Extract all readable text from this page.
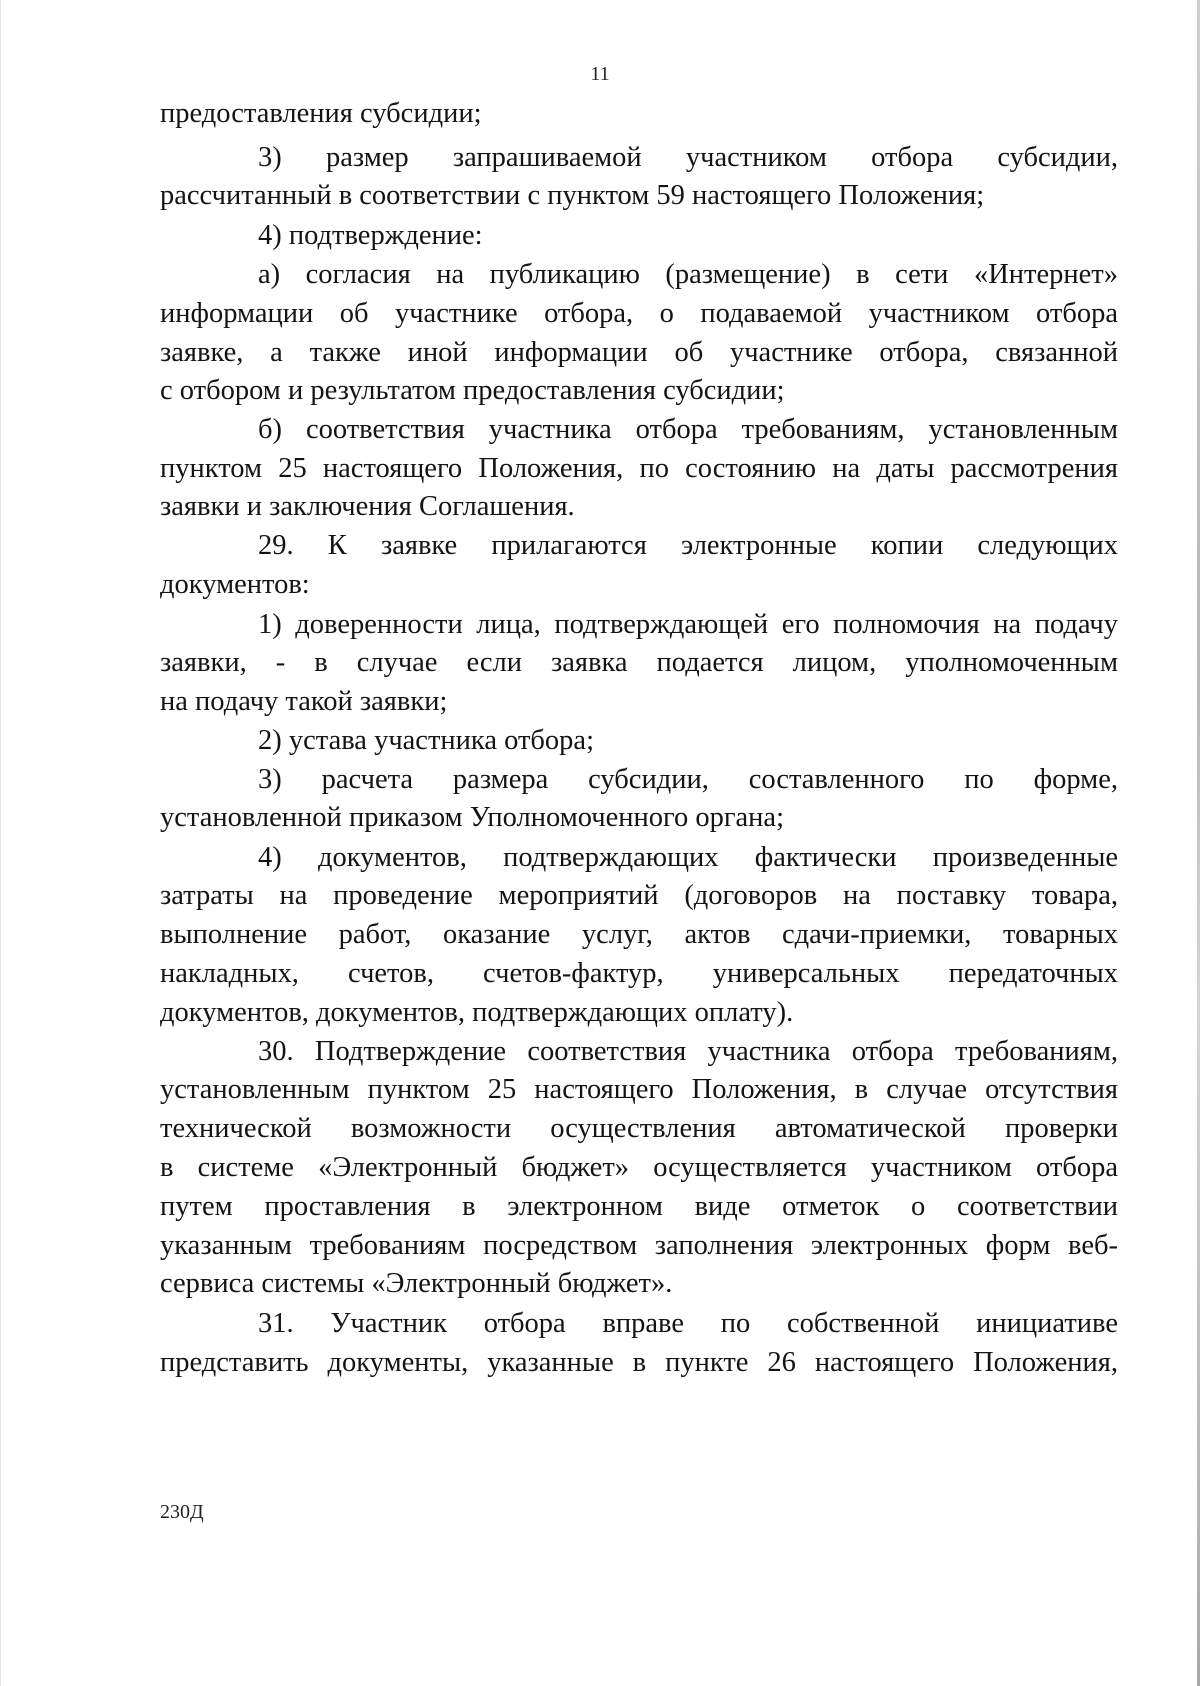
11
предоставления субсидии;
3) размер запрашиваемой участником отбора субсидии,
рассчитанный в соответствии с пунктом 59 настоящего Положения;
4) подтверждение:
а) согласия на публикацию (размещение) в сети «Интернет»
информации об участнике отбора, о подаваемой участником отбора
заявке, а также иной информации об участнике отбора, связанной
с отбором и результатом предоставления субсидии;
б) соответствия участника отбора требованиям, установленным
пунктом 25 настоящего Положения, по состоянию на даты рассмотрения
заявки и заключения Соглашения.
29. К заявке прилагаются электронные копии следующих
документов:
1) доверенности лица, подтверждающей его полномочия на подачу
заявки, - в случае если заявка подается лицом, уполномоченным
на подачу такой заявки;
2) устава участника отбора;
3) расчета размера субсидии, составленного по форме,
установленной приказом Уполномоченного органа;
4) документов, подтверждающих фактически произведенные
затраты на проведение мероприятий (договоров на поставку товара,
выполнение работ, оказание услуг, актов сдачи-приемки, товарных
накладных, счетов, счетов-фактур, универсальных передаточных
документов, документов, подтверждающих оплату).
30. Подтверждение соответствия участника отбора требованиям,
установленным пунктом 25 настоящего Положения, в случае отсутствия
технической возможности осуществления автоматической проверки
в системе «Электронный бюджет» осуществляется участником отбора
путем проставления в электронном виде отметок о соответствии
указанным требованиям посредством заполнения электронных форм веб-
сервиса системы «Электронный бюджет».
31. Участник отбора вправе по собственной инициативе
представить документы, указанные в пункте 26 настоящего Положения,
230Д
